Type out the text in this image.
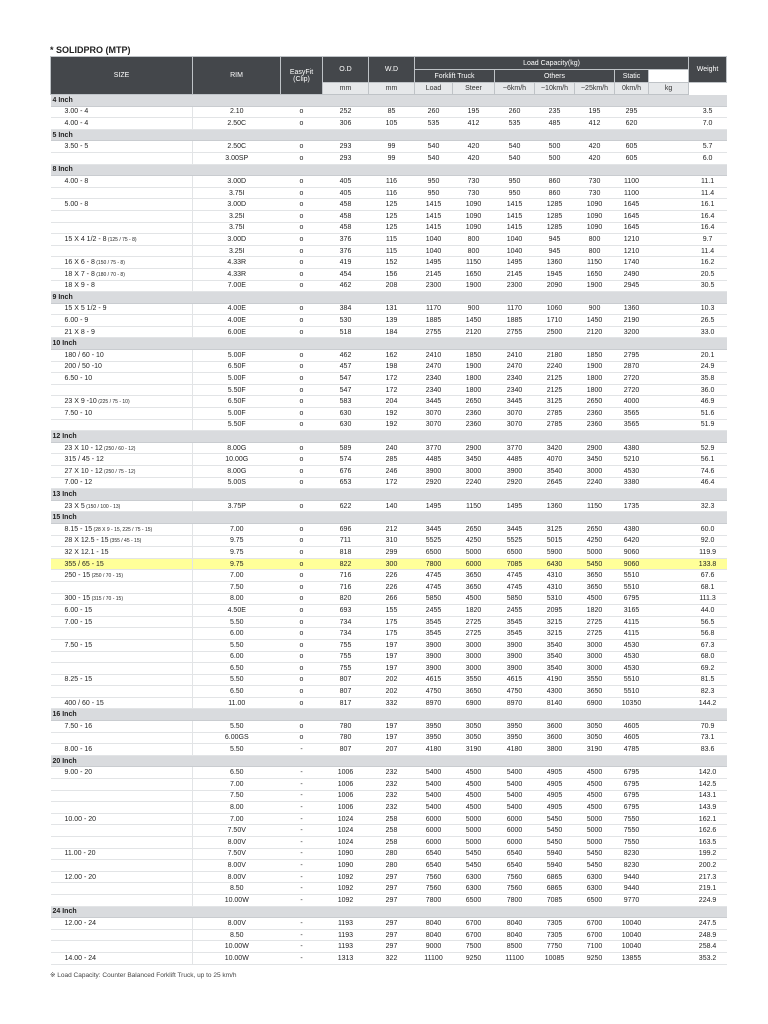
* SOLIDPRO (MTP)
SIZE	RIM	EasyFit (Clip)	O.D	W.D	Load Capacity(kg)							Weight
					Forklift Truck		Others			Static		
			mm	mm	Load	Steer	~6km/h	~10km/h	~25km/h	0km/h	kg	
4 Inch												
3.00 - 4	2.10	o	252	85	260	195	260	235	195	295		3.5
4.00 - 4	2.50C	o	306	105	535	412	535	485	412	620		7.0
5 Inch												
3.50 - 5	2.50C	o	293	99	540	420	540	500	420	605		5.7
	3.00SP	o	293	99	540	420	540	500	420	605		6.0
8 Inch												
4.00 - 8	3.00D	o	405	116	950	730	950	860	730	1100		11.1
	3.75I	o	405	116	950	730	950	860	730	1100		11.4
5.00 - 8	3.00D	o	458	125	1415	1090	1415	1285	1090	1645		16.1
	3.25I	o	458	125	1415	1090	1415	1285	1090	1645		16.4
	3.75I	o	458	125	1415	1090	1415	1285	1090	1645		16.4
15 X 4 1/2 - 8 (125 / 75 - 8)	3.00D	o	376	115	1040	800	1040	945	800	1210		9.7
	3.25I	o	376	115	1040	800	1040	945	800	1210		11.4
16 X 6 - 8 (150 / 75 - 8)	4.33R	o	419	152	1495	1150	1495	1360	1150	1740		16.2
18 X 7 - 8 (180 / 70 - 8)	4.33R	o	454	156	2145	1650	2145	1945	1650	2490		20.5
18 X 9 - 8	7.00E	o	462	208	2300	1900	2300	2090	1900	2945		30.5
9 Inch												
15 X 5 1/2 - 9	4.00E	o	384	131	1170	900	1170	1060	900	1360		10.3
6.00 - 9	4.00E	o	530	139	1885	1450	1885	1710	1450	2190		26.5
21 X 8 - 9	6.00E	o	518	184	2755	2120	2755	2500	2120	3200		33.0
10 Inch												
180 / 60 - 10	5.00F	o	462	162	2410	1850	2410	2180	1850	2795		20.1
200 / 50 -10	6.50F	o	457	198	2470	1900	2470	2240	1900	2870		24.9
6.50 - 10	5.00F	o	547	172	2340	1800	2340	2125	1800	2720		35.8
	5.50F	o	547	172	2340	1800	2340	2125	1800	2720		36.0
23 X 9 -10 (225 / 75 - 10)	6.50F	o	583	204	3445	2650	3445	3125	2650	4000		46.9
7.50 - 10	5.00F	o	630	192	3070	2360	3070	2785	2360	3565		51.6
	5.50F	o	630	192	3070	2360	3070	2785	2360	3565		51.9
12 Inch												
23 X 10 - 12 (250 / 60 - 12)	8.00G	o	589	240	3770	2900	3770	3420	2900	4380		52.9
315 / 45 - 12	10.00G	o	574	285	4485	3450	4485	4070	3450	5210		56.1
27 X 10 - 12 (250 / 75 - 12)	8.00G	o	676	246	3900	3000	3900	3540	3000	4530		74.6
7.00 - 12	5.00S	o	653	172	2920	2240	2920	2645	2240	3380		46.4
13 Inch												
23 X 5 (150 / 100 - 13)	3.75P	o	622	140	1495	1150	1495	1360	1150	1735		32.3
15 Inch												
8.15 - 15 (28 X 9 - 15, 225 / 75 - 15)	7.00	o	696	212	3445	2650	3445	3125	2650	4380		60.0
28 X 12.5 - 15 (355 / 45 - 15)	9.75	o	711	310	5525	4250	5525	5015	4250	6420		92.0
32 X 12.1 - 15	9.75	o	818	299	6500	5000	6500	5900	5000	9060		119.9
355 / 65 - 15	9.75	o	822	300	7800	6000	7085	6430	5450	9060		133.8
250 - 15 (250 / 70 - 15)	7.00	o	716	226	4745	3650	4745	4310	3650	5510		67.6
	7.50	o	716	226	4745	3650	4745	4310	3650	5510		68.1
300 - 15 (315 / 70 - 15)	8.00	o	820	266	5850	4500	5850	5310	4500	6795		111.3
6.00 - 15	4.50E	o	693	155	2455	1820	2455	2095	1820	3165		44.0
7.00 - 15	5.50	o	734	175	3545	2725	3545	3215	2725	4115		56.5
	6.00	o	734	175	3545	2725	3545	3215	2725	4115		56.8
7.50 - 15	5.50	o	755	197	3900	3000	3900	3540	3000	4530		67.3
	6.00	o	755	197	3900	3000	3900	3540	3000	4530		68.0
	6.50	o	755	197	3900	3000	3900	3540	3000	4530		69.2
8.25 - 15	5.50	o	807	202	4615	3550	4615	4190	3550	5510		81.5
	6.50	o	807	202	4750	3650	4750	4300	3650	5510		82.3
400 / 60 - 15	11.00	o	817	332	8970	6900	8970	8140	6900	10350		144.2
16 Inch												
7.50 - 16	5.50	o	780	197	3950	3050	3950	3600	3050	4605		70.9
	6.00GS	o	780	197	3950	3050	3950	3600	3050	4605		73.1
8.00 - 16	5.50	-	807	207	4180	3190	4180	3800	3190	4785		83.6
20 Inch												
9.00 - 20	6.50	-	1006	232	5400	4500	5400	4905	4500	6795		142.0
	7.00	-	1006	232	5400	4500	5400	4905	4500	6795		142.5
	7.50	-	1006	232	5400	4500	5400	4905	4500	6795		143.1
	8.00	-	1006	232	5400	4500	5400	4905	4500	6795		143.9
10.00 - 20	7.00	-	1024	258	6000	5000	6000	5450	5000	7550		162.1
	7.50V	-	1024	258	6000	5000	6000	5450	5000	7550		162.6
	8.00V	-	1024	258	6000	5000	6000	5450	5000	7550		163.5
11.00 - 20	7.50V	-	1090	280	6540	5450	6540	5940	5450	8230		199.2
	8.00V	-	1090	280	6540	5450	6540	5940	5450	8230		200.2
12.00 - 20	8.00V	-	1092	297	7560	6300	7560	6865	6300	9440		217.3
	8.50	-	1092	297	7560	6300	7560	6865	6300	9440		219.1
	10.00W	-	1092	297	7800	6500	7800	7085	6500	9770		224.9
24 Inch												
12.00 - 24	8.00V	-	1193	297	8040	6700	8040	7305	6700	10040		247.5
	8.50	-	1193	297	8040	6700	8040	7305	6700	10040		248.9
	10.00W	-	1193	297	9000	7500	8500	7750	7100	10040		258.4
14.00 - 24	10.00W	-	1313	322	11100	9250	11100	10085	9250	13855		353.2
※ Load Capacity: Counter Balanced Forklift Truck, up to 25 km/h
